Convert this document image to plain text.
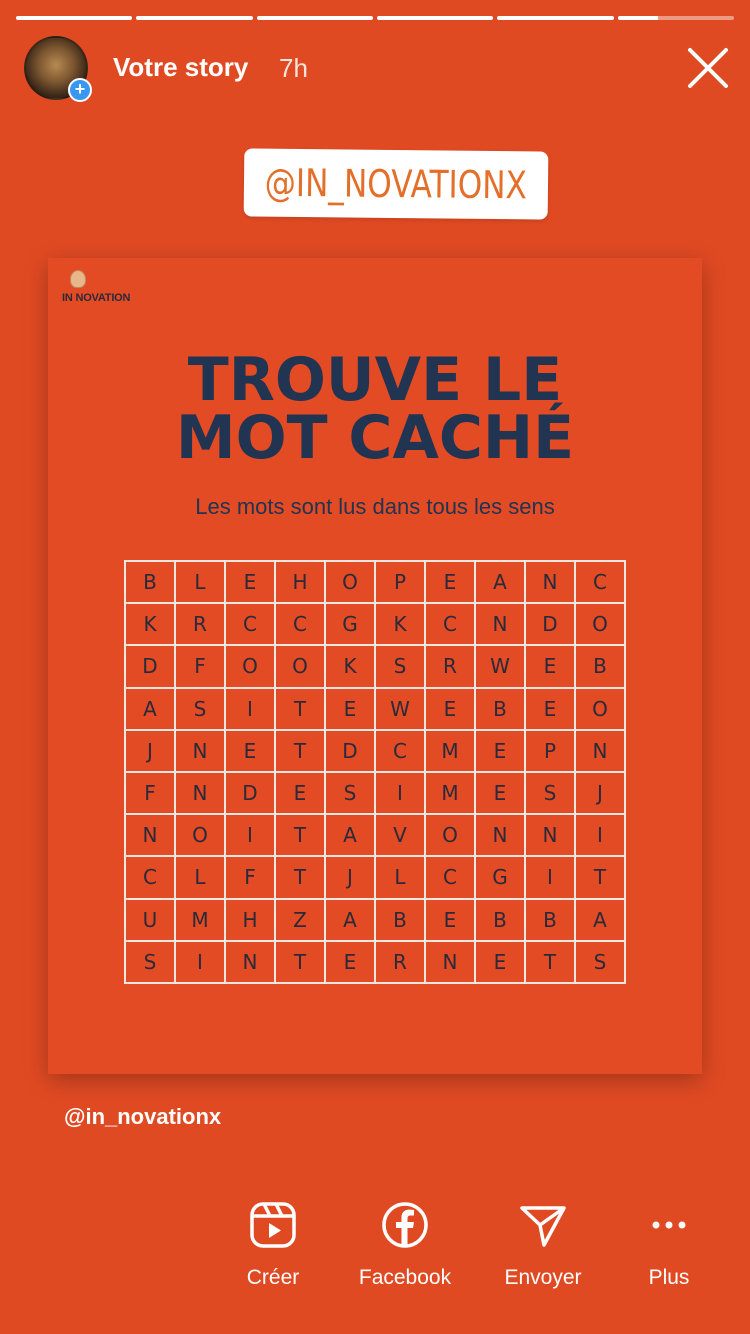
+
Votre story 7h
@IN_NOVATIONX
IN NOVATION
TROUVE LE
MOT CACHÉ
Les mots sont lus dans tous les sens
B	L	E	H	O	P	E	A	N	C
K	R	C	C	G	K	C	N	D	O
D	F	O	O	K	S	R	W	E	B
A	S	I	T	E	W	E	B	E	O
J	N	E	T	D	C	M	E	P	N
F	N	D	E	S	I	M	E	S	J
N	O	I	T	A	V	O	N	N	I
C	L	F	T	J	L	C	G	I	T
U	M	H	Z	A	B	E	B	B	A
S	I	N	T	E	R	N	E	T	S
@in_novationx
Créer	Facebook	Envoyer	Plus
